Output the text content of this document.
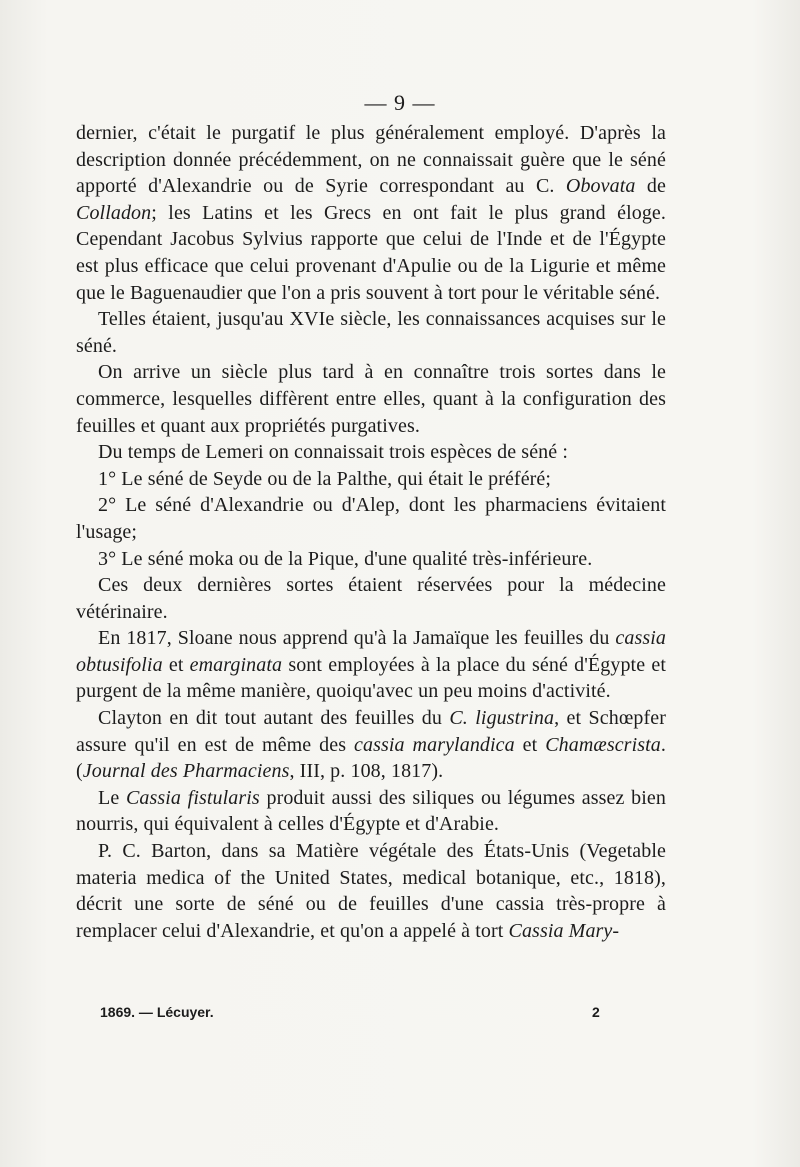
— 9 —

dernier, c'était le purgatif le plus généralement employé. D'après la description donnée précédemment, on ne connaissait guère que le séné apporté d'Alexandrie ou de Syrie correspondant au C. Obovata de Colladon; les Latins et les Grecs en ont fait le plus grand éloge. Cependant Jacobus Sylvius rapporte que celui de l'Inde et de l'Égypte est plus efficace que celui provenant d'Apulie ou de la Ligurie et même que le Baguenaudier que l'on a pris souvent à tort pour le véritable séné.

Telles étaient, jusqu'au XVIe siècle, les connaissances acquises sur le séné.

On arrive un siècle plus tard à en connaître trois sortes dans le commerce, lesquelles diffèrent entre elles, quant à la configuration des feuilles et quant aux propriétés purgatives.

Du temps de Lemeri on connaissait trois espèces de séné :

1° Le séné de Seyde ou de la Palthe, qui était le préféré;

2° Le séné d'Alexandrie ou d'Alep, dont les pharmaciens évitaient l'usage;

3° Le séné moka ou de la Pique, d'une qualité très-inférieure.

Ces deux dernières sortes étaient réservées pour la médecine vétérinaire.

En 1817, Sloane nous apprend qu'à la Jamaïque les feuilles du cassia obtusifolia et emarginata sont employées à la place du séné d'Égypte et purgent de la même manière, quoiqu'avec un peu moins d'activité.

Clayton en dit tout autant des feuilles du C. ligustrina, et Schœpfer assure qu'il en est de même des cassia marylandica et Chamæscrista. (Journal des Pharmaciens, III, p. 108, 1817).

Le Cassia fistularis produit aussi des siliques ou légumes assez bien nourris, qui équivalent à celles d'Égypte et d'Arabie.

P. C. Barton, dans sa Matière végétale des États-Unis (Vegetable materia medica of the United States, medical botanique, etc., 1818), décrit une sorte de séné ou de feuilles d'une cassia très-propre à remplacer celui d'Alexandrie, et qu'on a appelé à tort Cassia Mary-

1869. — Lécuyer.	2
